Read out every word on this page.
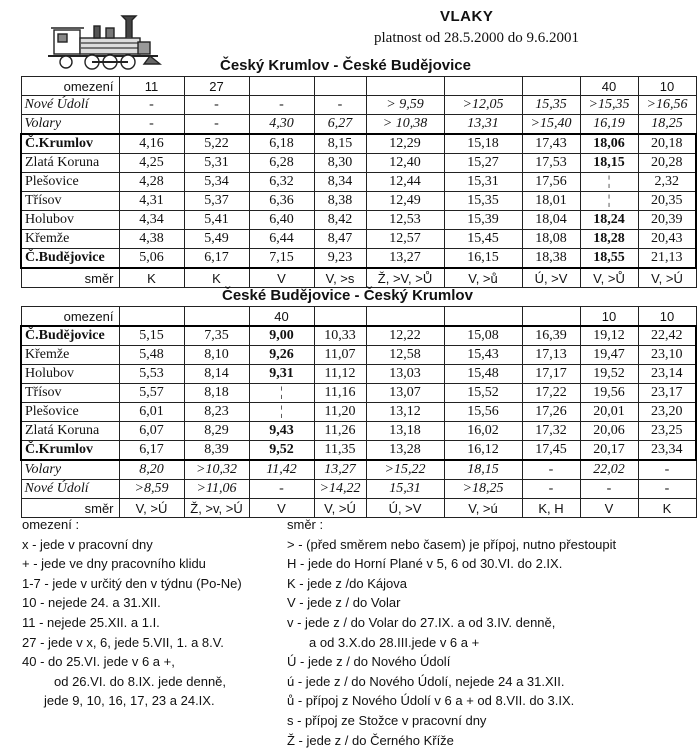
VLAKY
platnost od 28.5.2000 do 9.6.2001
Český Krumlov - České Budějovice
omezení	11	27						40	10
Nové Údolí	-	-	-	-	> 9,59	>12,05	15,35	>15,35	>16,56
Volary	-	-	4,30	6,27	> 10,38	13,31	>15,40	16,19	18,25
Č.Krumlov	4,16	5,22	6,18	8,15	12,29	15,18	17,43	18,06	20,18
Zlatá Koruna	4,25	5,31	6,28	8,30	12,40	15,27	17,53	18,15	20,28
Plešovice	4,28	5,34	6,32	8,34	12,44	15,31	17,56	¦	2,32
Třísov	4,31	5,37	6,36	8,38	12,49	15,35	18,01	¦	20,35
Holubov	4,34	5,41	6,40	8,42	12,53	15,39	18,04	18,24	20,39
Křemže	4,38	5,49	6,44	8,47	12,57	15,45	18,08	18,28	20,43
Č.Budějovice	5,06	6,17	7,15	9,23	13,27	16,15	18,38	18,55	21,13
směr	K	K	V	V, >s	Ž, >V, >Ů	V, >ů	Ú, >V	V, >Ů	V, >Ú
České Budějovice - Český Krumlov
omezení			40					10	10
Č.Budějovice	5,15	7,35	9,00	10,33	12,22	15,08	16,39	19,12	22,42
Křemže	5,48	8,10	9,26	11,07	12,58	15,43	17,13	19,47	23,10
Holubov	5,53	8,14	9,31	11,12	13,03	15,48	17,17	19,52	23,14
Třísov	5,57	8,18	¦	11,16	13,07	15,52	17,22	19,56	23,17
Plešovice	6,01	8,23	¦	11,20	13,12	15,56	17,26	20,01	23,20
Zlatá Koruna	6,07	8,29	9,43	11,26	13,18	16,02	17,32	20,06	23,25
Č.Krumlov	6,17	8,39	9,52	11,35	13,28	16,12	17,45	20,17	23,34
Volary	8,20	>10,32	11,42	13,27	>15,22	18,15	-	22,02	-
Nové Údolí	>8,59	>11,06	-	>14,22	15,31	>18,25	-	-	-
směr	V, >Ú	Ž, >v, >Ú	V	V, >Ú	Ú, >V	V, >ú	K, H	V	K
omezení :
x - jede v pracovní dny
+ - jede ve dny pracovního klidu
1-7 - jede v určitý den v týdnu (Po-Ne)
10 - nejede 24. a 31.XII.
11 - nejede 25.XII. a 1.I.
27 - jede v x, 6, jede 5.VII, 1. a 8.V.
40 - do 25.VI. jede v 6 a +,
od 26.VI. do 8.IX. jede denně,
jede 9, 10, 16, 17, 23 a 24.IX.
směr :
> - (před směrem nebo časem) je přípoj, nutno přestoupit
H - jede do Horní Plané v 5, 6 od 30.VI. do 2.IX.
K - jede z /do Kájova
V - jede z / do Volar
v - jede z / do Volar do 27.IX. a od 3.IV. denně,
a od 3.X.do 28.III.jede v 6 a +
Ú - jede z / do Nového Údolí
ú - jede z / do Nového Údolí, nejede 24 a 31.XII.
ů - přípoj z Nového Údolí v 6 a + od 8.VII. do 3.IX.
s - přípoj ze Stožce v pracovní dny
Ž - jede z / do Černého Kříže
